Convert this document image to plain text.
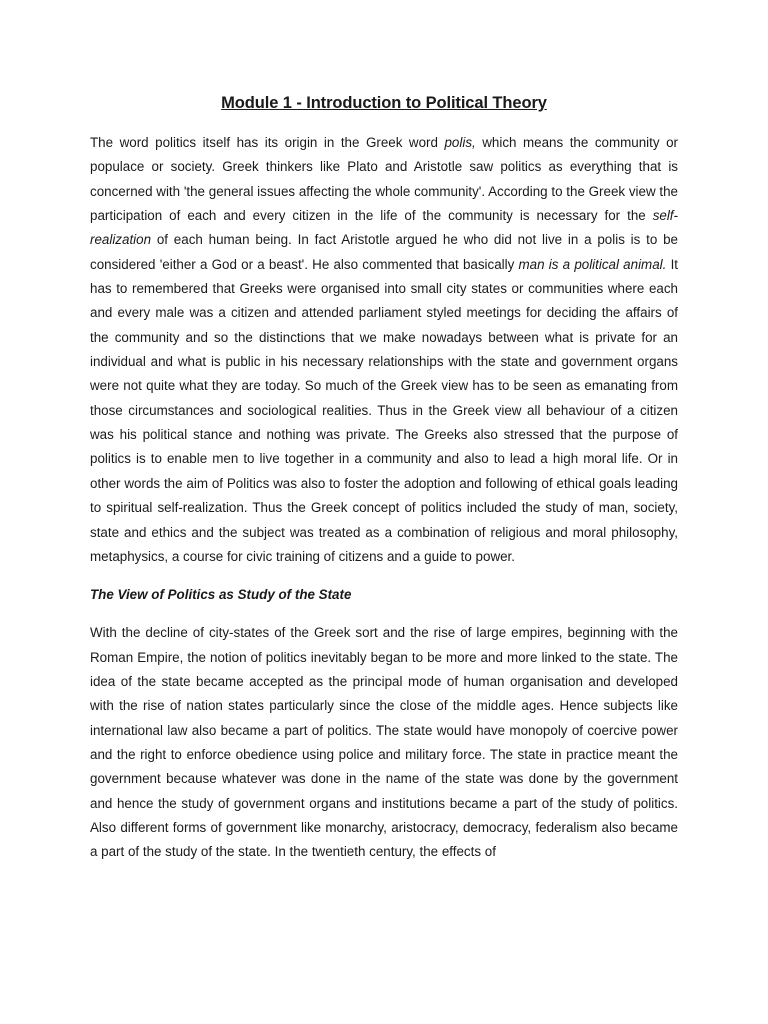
Module 1 - Introduction to Political Theory

The word politics itself has its origin in the Greek word polis, which means the community or populace or society. Greek thinkers like Plato and Aristotle saw politics as everything that is concerned with 'the general issues affecting the whole community'. According to the Greek view the participation of each and every citizen in the life of the community is necessary for the self-realization of each human being. In fact Aristotle argued he who did not live in a polis is to be considered 'either a God or a beast'. He also commented that basically man is a political animal. It has to remembered that Greeks were organised into small city states or communities where each and every male was a citizen and attended parliament styled meetings for deciding the affairs of the community and so the distinctions that we make nowadays between what is private for an individual and what is public in his necessary relationships with the state and government organs were not quite what they are today. So much of the Greek view has to be seen as emanating from those circumstances and sociological realities. Thus in the Greek view all behaviour of a citizen was his political stance and nothing was private. The Greeks also stressed that the purpose of politics is to enable men to live together in a community and also to lead a high moral life. Or in other words the aim of Politics was also to foster the adoption and following of ethical goals leading to spiritual self-realization. Thus the Greek concept of politics included the study of man, society, state and ethics and the subject was treated as a combination of religious and moral philosophy, metaphysics, a course for civic training of citizens and a guide to power.

The View of Politics as Study of the State

With the decline of city-states of the Greek sort and the rise of large empires, beginning with the Roman Empire, the notion of politics inevitably began to be more and more linked to the state. The idea of the state became accepted as the principal mode of human organisation and developed with the rise of nation states particularly since the close of the middle ages. Hence subjects like international law also became a part of politics. The state would have monopoly of coercive power and the right to enforce obedience using police and military force. The state in practice meant the government because whatever was done in the name of the state was done by the government and hence the study of government organs and institutions became a part of the study of politics. Also different forms of government like monarchy, aristocracy, democracy, federalism also became a part of the study of the state. In the twentieth century, the effects of
